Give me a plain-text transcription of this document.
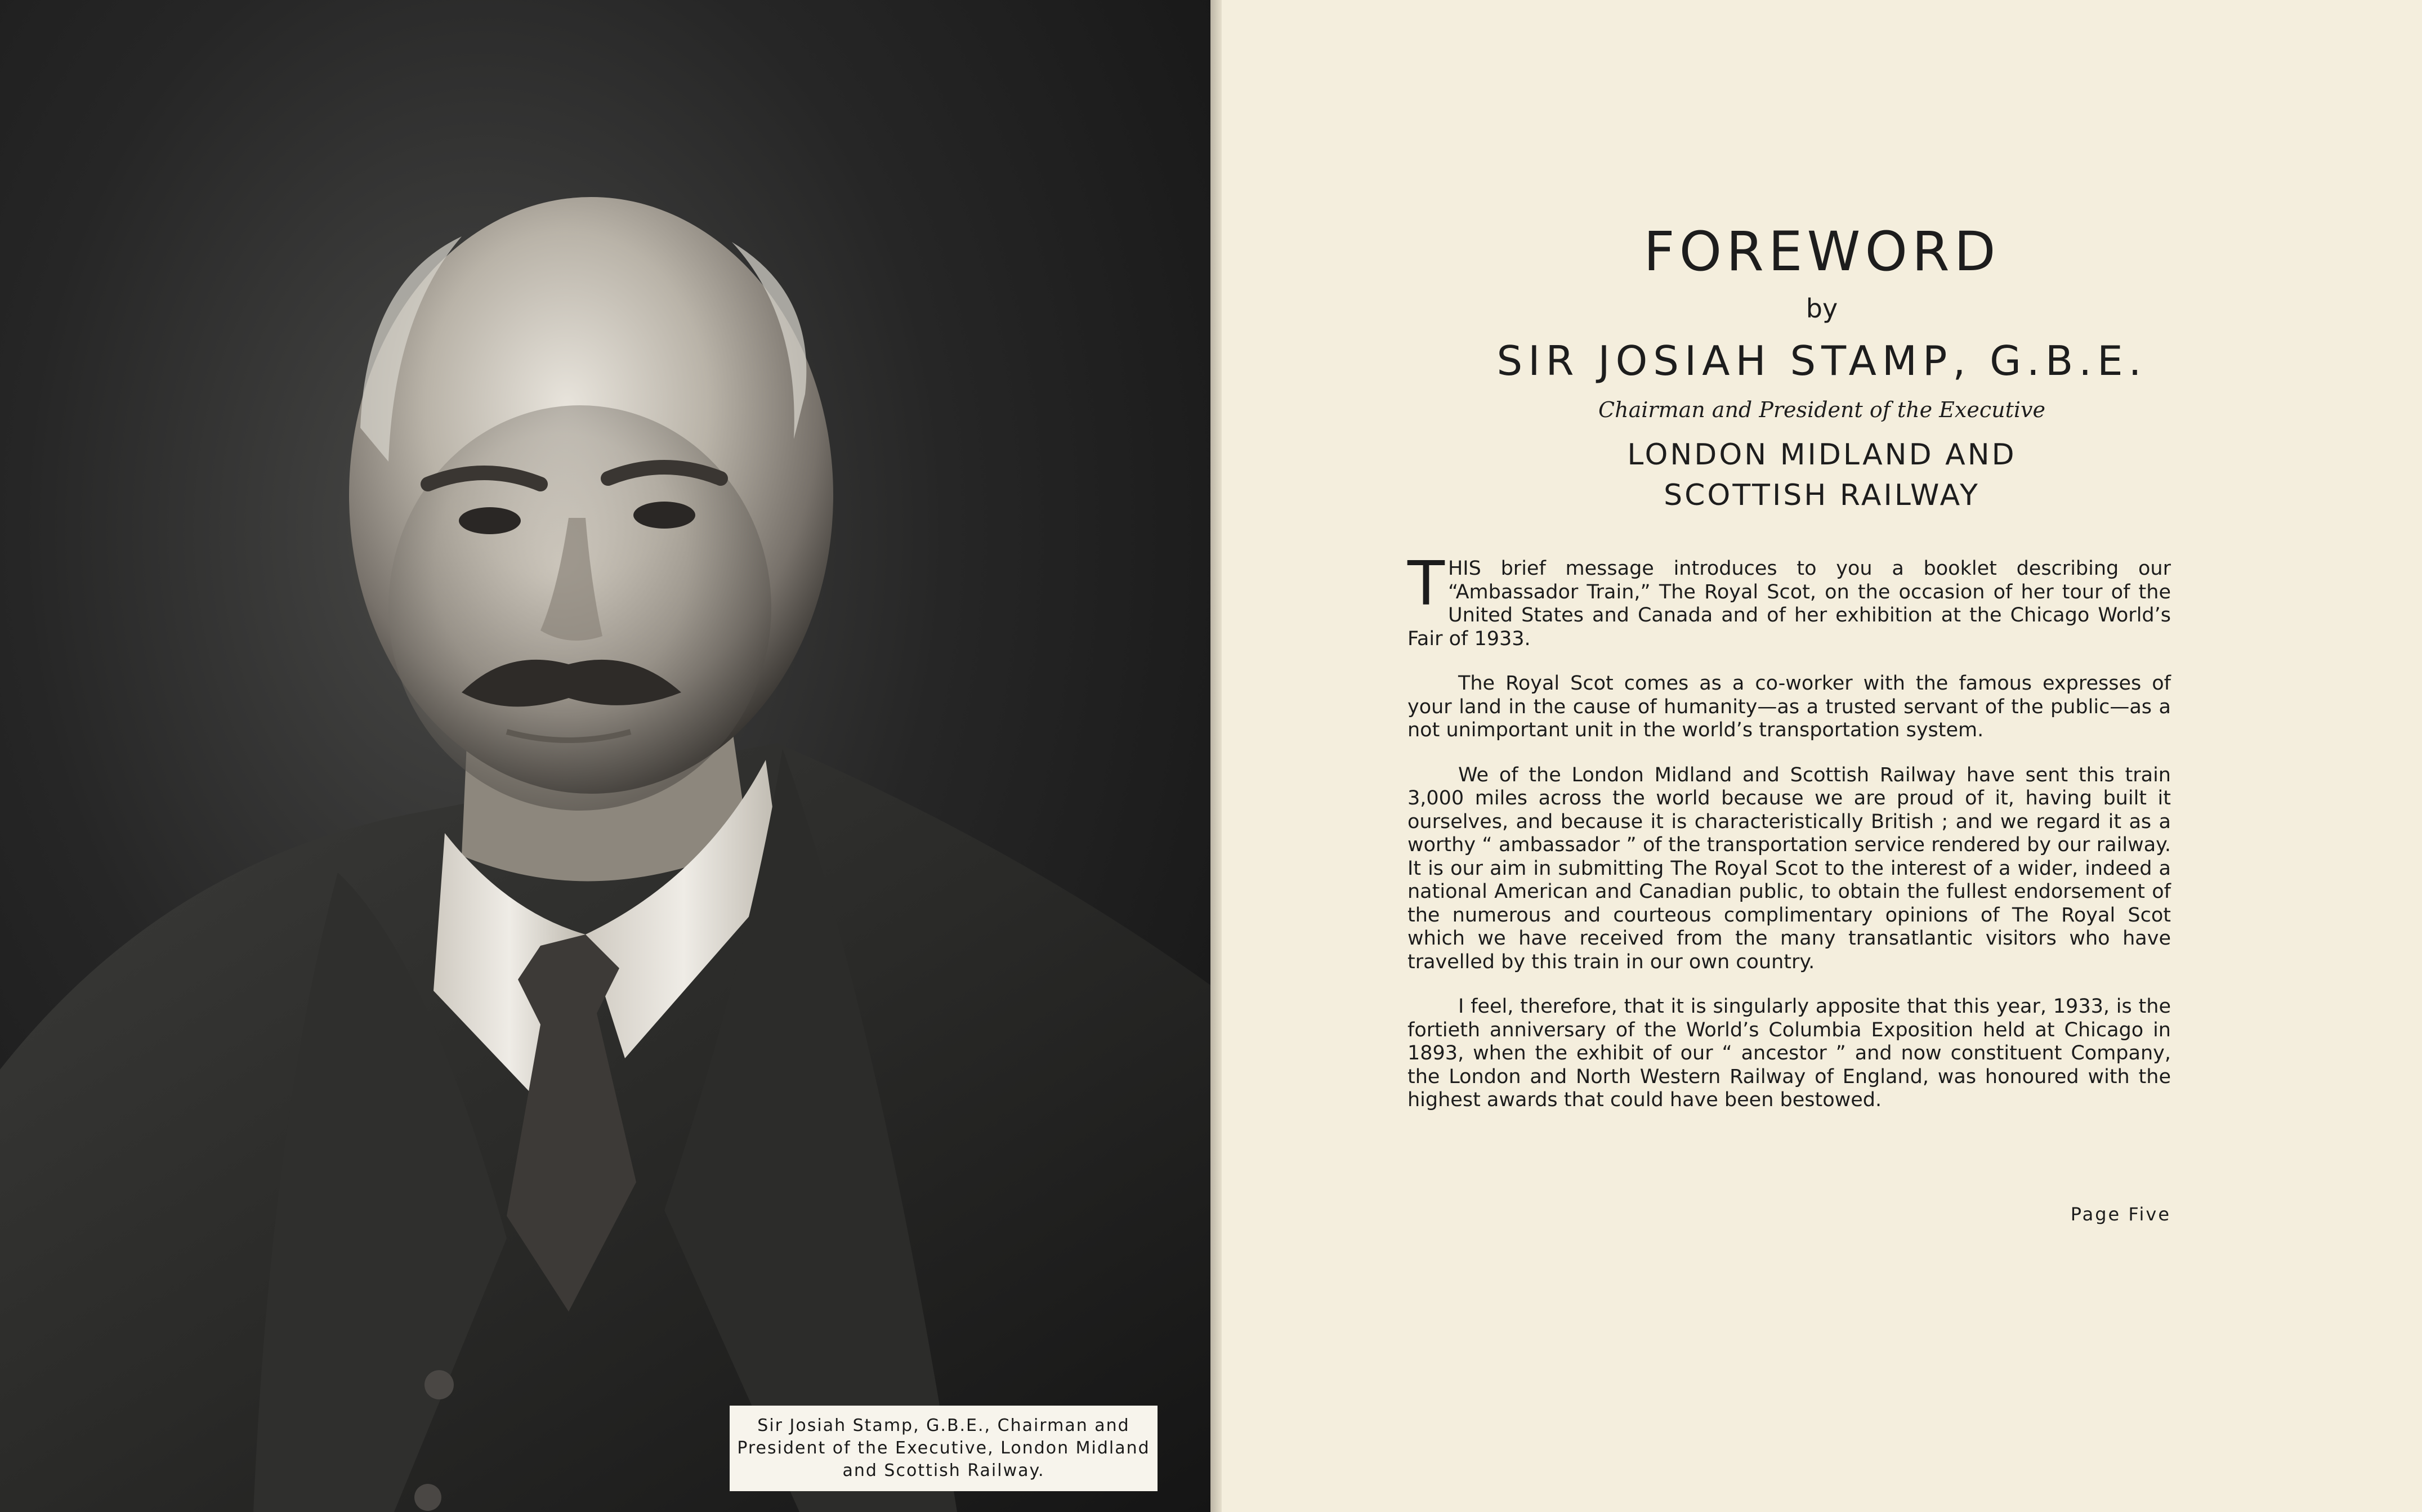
Sir Josiah Stamp, G.B.E., Chairman and
President of the Executive, London Midland
and Scottish Railway.
FOREWORD
by
SIR JOSIAH STAMP, G.B.E.
Chairman and President of the Executive
LONDON MIDLAND AND
SCOTTISH RAILWAY

THIS brief message introduces to you a booklet describing our “Ambassador Train,” The Royal Scot, on the occasion of her tour of the United States and Canada and of her exhibition at the Chicago World’s Fair of 1933.

The Royal Scot comes as a co-worker with the famous expresses of your land in the cause of humanity—as a trusted servant of the public—as a not unimportant unit in the world’s transportation system.

We of the London Midland and Scottish Railway have sent this train 3,000 miles across the world because we are proud of it, having built it ourselves, and because it is characteristically British ; and we regard it as a worthy “ ambassador ” of the transportation service rendered by our railway. It is our aim in submitting The Royal Scot to the interest of a wider, indeed a national American and Canadian public, to obtain the fullest endorsement of the numerous and courteous complimentary opinions of The Royal Scot which we have received from the many transatlantic visitors who have travelled by this train in our own country.

I feel, therefore, that it is singularly apposite that this year, 1933, is the fortieth anniversary of the World’s Columbia Exposition held at Chicago in 1893, when the exhibit of our “ ancestor ” and now constituent Company, the London and North Western Railway of England, was honoured with the highest awards that could have been bestowed.

Page Five
